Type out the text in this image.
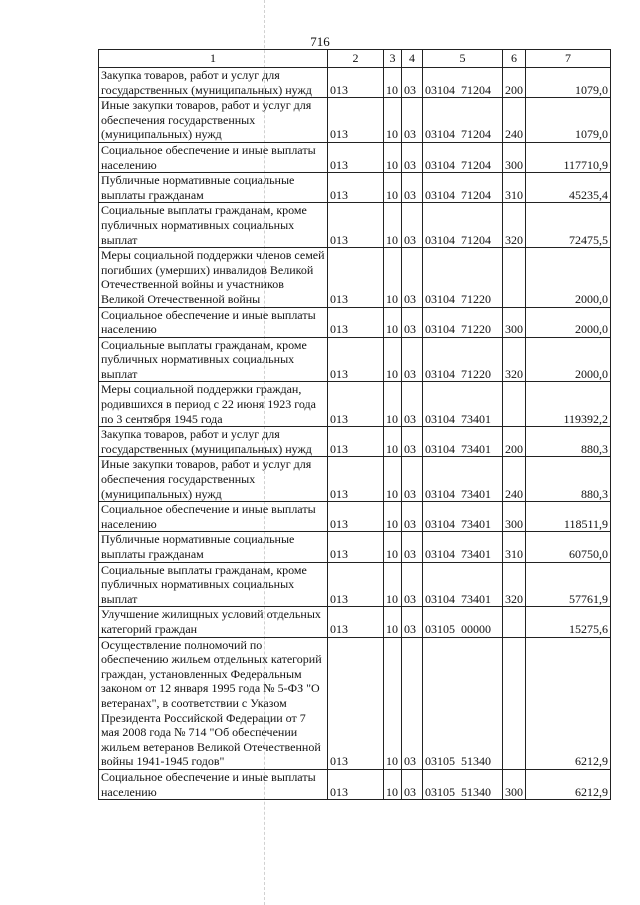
716
1	2	3	4	5	6	7
Закупка товаров, работ и услуг для государственных (муниципальных) нужд	013	10	03	03104 71204	200	1079,0
Иные закупки товаров, работ и услуг для обеспечения государственных (муниципальных) нужд	013	10	03	03104 71204	240	1079,0
Социальное обеспечение и иные выплаты населению	013	10	03	03104 71204	300	117710,9
Публичные нормативные социальные выплаты гражданам	013	10	03	03104 71204	310	45235,4
Социальные выплаты гражданам, кроме публичных нормативных социальных выплат	013	10	03	03104 71204	320	72475,5
Меры социальной поддержки членов семей погибших (умерших) инвалидов Великой Отечественной войны и участников Великой Отечественной войны	013	10	03	03104 71220		2000,0
Социальное обеспечение и иные выплаты населению	013	10	03	03104 71220	300	2000,0
Социальные выплаты гражданам, кроме публичных нормативных социальных выплат	013	10	03	03104 71220	320	2000,0
Меры социальной поддержки граждан, родившихся в период с 22 июня 1923 года по 3 сентября 1945 года	013	10	03	03104 73401		119392,2
Закупка товаров, работ и услуг для государственных (муниципальных) нужд	013	10	03	03104 73401	200	880,3
Иные закупки товаров, работ и услуг для обеспечения государственных (муниципальных) нужд	013	10	03	03104 73401	240	880,3
Социальное обеспечение и иные выплаты населению	013	10	03	03104 73401	300	118511,9
Публичные нормативные социальные выплаты гражданам	013	10	03	03104 73401	310	60750,0
Социальные выплаты гражданам, кроме публичных нормативных социальных выплат	013	10	03	03104 73401	320	57761,9
Улучшение жилищных условий отдельных категорий граждан	013	10	03	03105 00000		15275,6
Осуществление полномочий по обеспечению жильем отдельных категорий граждан, установленных Федеральным законом от 12 января 1995 года № 5-ФЗ "О ветеранах", в соответствии с Указом Президента Российской Федерации от 7 мая 2008 года № 714 "Об обеспечении жильем ветеранов Великой Отечественной войны 1941-1945 годов"	013	10	03	03105 51340		6212,9
Социальное обеспечение и иные выплаты населению	013	10	03	03105 51340	300	6212,9
